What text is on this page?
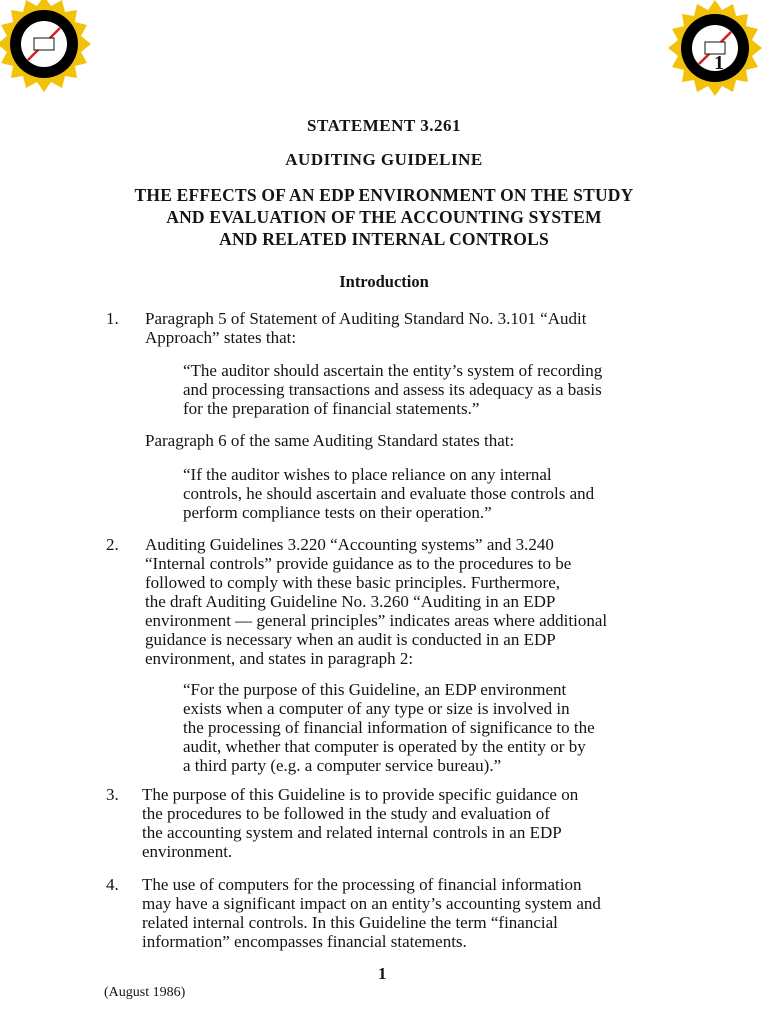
1
STATEMENT 3.261
AUDITING GUIDELINE
THE EFFECTS OF AN EDP ENVIRONMENT ON THE STUDY
AND EVALUATION OF THE ACCOUNTING SYSTEM
AND RELATED INTERNAL CONTROLS
Introduction
1. Paragraph 5 of Statement of Auditing Standard No. 3.101 “Audit
Approach” states that:
“The auditor should ascertain the entity’s system of recording
and processing transactions and assess its adequacy as a basis
for the preparation of financial statements.”
Paragraph 6 of the same Auditing Standard states that:
“If the auditor wishes to place reliance on any internal
controls, he should ascertain and evaluate those controls and
perform compliance tests on their operation.”
2. Auditing Guidelines 3.220 “Accounting systems” and 3.240
“Internal controls” provide guidance as to the procedures to be
followed to comply with these basic principles. Furthermore,
the draft Auditing Guideline No. 3.260 “Auditing in an EDP
environment — general principles” indicates areas where additional
guidance is necessary when an audit is conducted in an EDP
environment, and states in paragraph 2:
“For the purpose of this Guideline, an EDP environment
exists when a computer of any type or size is involved in
the processing of financial information of significance to the
audit, whether that computer is operated by the entity or by
a third party (e.g. a computer service bureau).”
3. The purpose of this Guideline is to provide specific guidance on
the procedures to be followed in the study and evaluation of
the accounting system and related internal controls in an EDP
environment.
4. The use of computers for the processing of financial information
may have a significant impact on an entity’s accounting system and
related internal controls. In this Guideline the term “financial
information” encompasses financial statements.
1
(August 1986)
